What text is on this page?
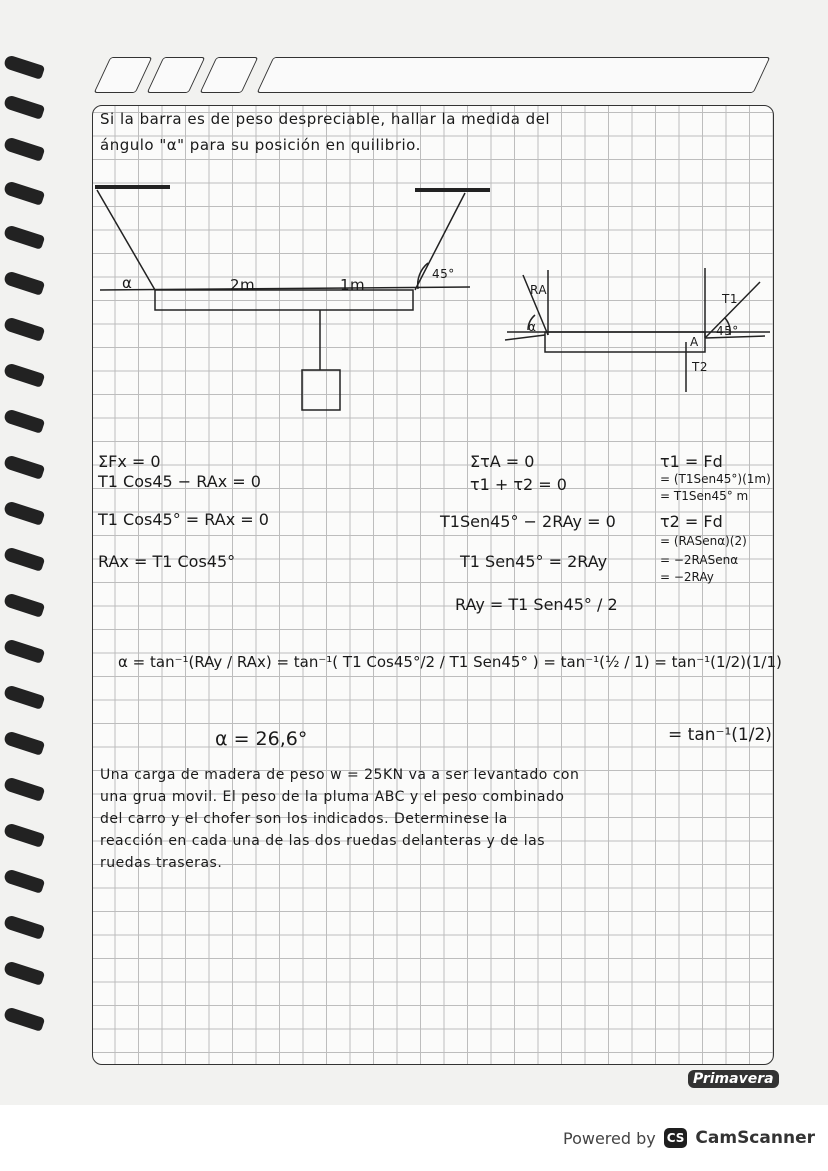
Si la barra es de peso despreciable, hallar la medida del
ángulo "α" para su posición en quilibrio.
α	2m	1m
45°
RA
α
T1
45°
A
T2
ΣFx = 0
T1 Cos45 − RAx = 0
T1 Cos45° = RAx = 0
RAx = T1 Cos45°
ΣτA = 0
τ1 + τ2 = 0
T1Sen45° − 2RAy = 0
T1 Sen45° = 2RAy
RAy = T1 Sen45° / 2
τ1 = Fd
= (T1Sen45°)(1m)
= T1Sen45° m
τ2 = Fd
= (RASenα)(2)
= −2RASenα
= −2RAy
α = tan⁻¹(RAy / RAx) = tan⁻¹( T1 Cos45°/2 / T1 Sen45° ) = tan⁻¹(½ / 1) = tan⁻¹(1/2)(1/1)
= tan⁻¹(1/2)
α = 26,6°
Una carga de madera de peso w = 25KN va a ser levantado con
una grua movil. El peso de la pluma ABC y el peso combinado
del carro y el chofer son los indicados. Determinese la
reacción en cada una de las dos ruedas delanteras y de las
ruedas traseras.
Primavera
Powered by CS CamScanner
